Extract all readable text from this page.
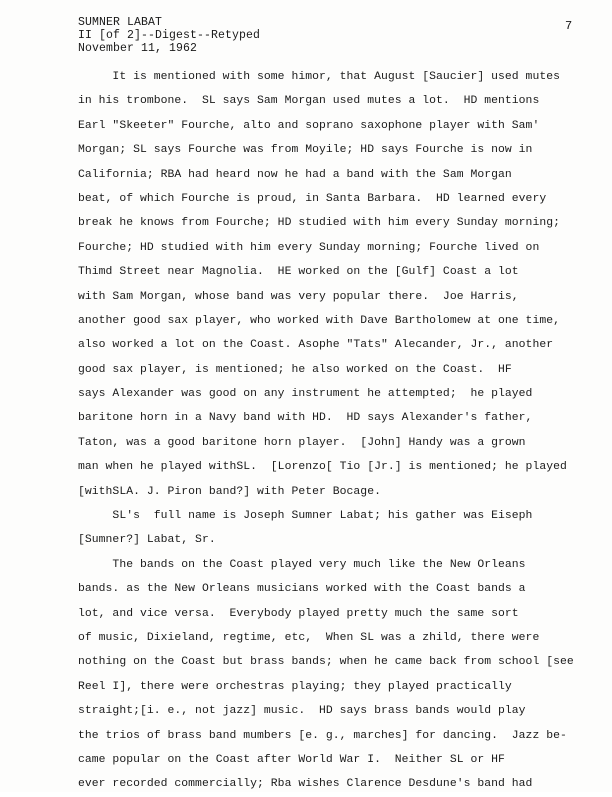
SUMNER LABAT
II [of 2]--Digest--Retyped
November 11, 1962
7
It is mentioned with some himor, that August [Saucier] used mutes
in his trombone.  SL says Sam Morgan used mutes a lot.  HD mentions
Earl "Skeeter" Fourche, alto and soprano saxophone player with Sam'
Morgan; SL says Fourche was from Moyile; HD says Fourche is now in
California; RBA had heard now he had a band with the Sam Morgan
beat, of which Fourche is proud, in Santa Barbara.  HD learned every
break he knows from Fourche; HD studied with him every Sunday morning;
Fourche; HD studied with him every Sunday morning; Fourche lived on
Thimd Street near Magnolia.  HE worked on the [Gulf] Coast a lot
with Sam Morgan, whose band was very popular there.  Joe Harris,
another good sax player, who worked with Dave Bartholomew at one time,
also worked a lot on the Coast. Asophe "Tats" Alecander, Jr., another
good sax player, is mentioned; he also worked on the Coast.  HF
says Alexander was good on any instrument he attempted;  he played
baritone horn in a Navy band with HD.  HD says Alexander's father,
Taton, was a good baritone horn player.  [John] Handy was a grown
man when he played withSL.  [Lorenzo[ Tio [Jr.] is mentioned; he played
[withSLA. J. Piron band?] with Peter Bocage.
SL's  full name is Joseph Sumner Labat; his gather was Eiseph
[Sumner?] Labat, Sr.
The bands on the Coast played very much like the New Orleans
bands. as the New Orleans musicians worked with the Coast bands a
lot, and vice versa.  Everybody played pretty much the same sort
of music, Dixieland, regtime, etc,  When SL was a zhild, there were
nothing on the Coast but brass bands; when he came back from school [see
Reel I], there were orchestras playing; they played practically
straight;[i. e., not jazz] music.  HD says brass bands would play
the trios of brass band mumbers [e. g., marches] for dancing.  Jazz be-
came popular on the Coast after World War I.  Neither SL or HF
ever recorded commercially; Rba wishes Clarence Desdune's band had
